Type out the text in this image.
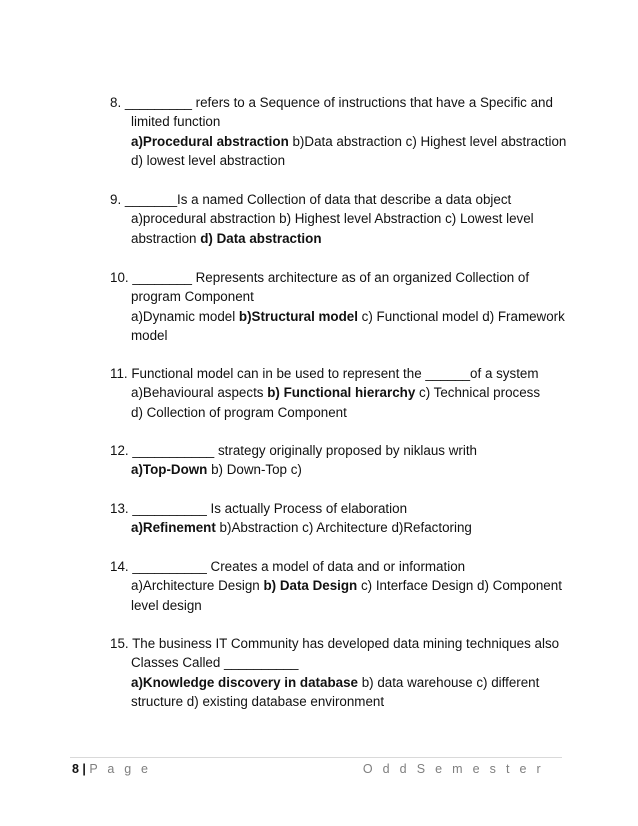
8. _________ refers to a Sequence of instructions that have a Specific and
limited function
a)Procedural abstraction b)Data abstraction c) Highest level abstraction
d) lowest level abstraction
9. _______Is a named Collection of data that describe a data object
a)procedural abstraction b) Highest level Abstraction c) Lowest level
abstraction d) Data abstraction
10. ________ Represents architecture as of an organized Collection of
program Component
a)Dynamic model b)Structural model c) Functional model d) Framework
model
11. Functional model can in be used to represent the ______of a system
a)Behavioural aspects b) Functional hierarchy c) Technical process
d) Collection of program Component
12. ___________ strategy originally proposed by niklaus writh
a)Top-Down b) Down-Top c)
13. __________ Is actually Process of elaboration
a)Refinement b)Abstraction c) Architecture d)Refactoring
14. __________ Creates a model of data and or information
a)Architecture Design b) Data Design c) Interface Design d) Component
level design
15. The business IT Community has developed data mining techniques also
Classes Called __________
a)Knowledge discovery in database b) data warehouse c) different
structure d) existing database environment
8 | P a g e	O d d S e m e s t e r
